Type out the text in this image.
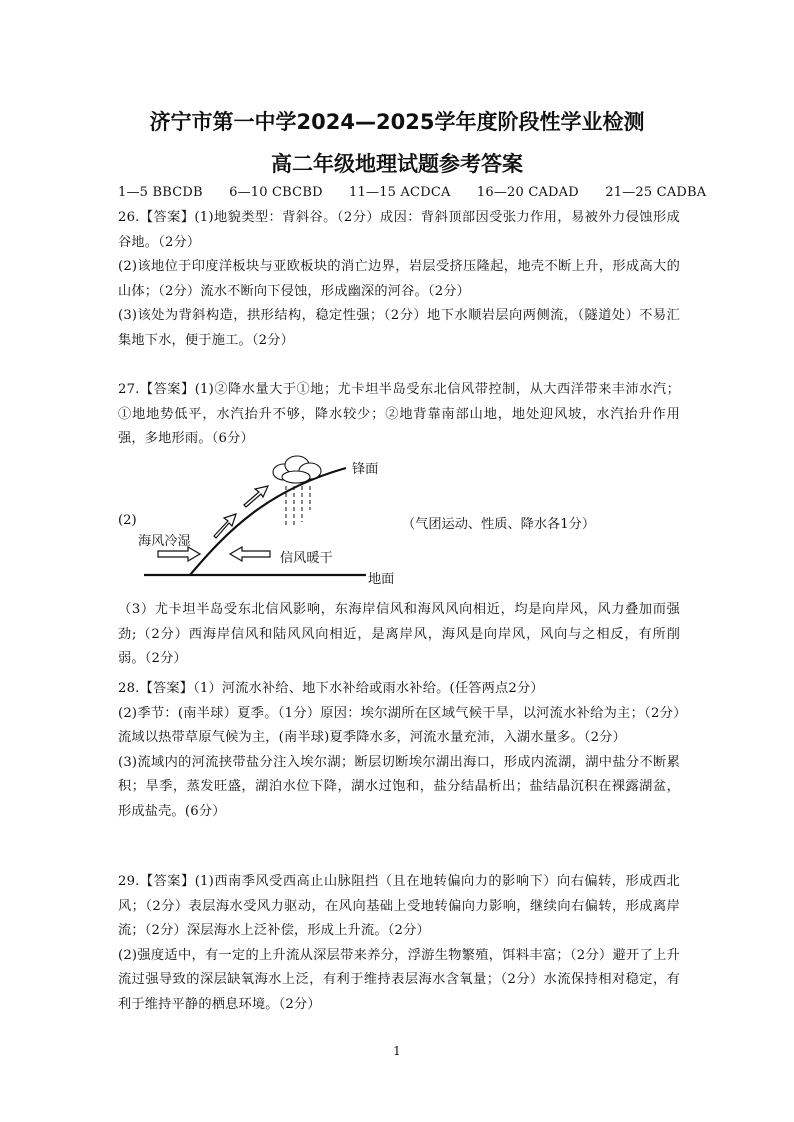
济宁市第一中学2024—2025学年度阶段性学业检测
高二年级地理试题参考答案
1—5 BBCDB 6—10 CBCBD 11—15 ACDCA 16—20 CADAD 21—25 CADBA

26.【答案】(1)地貌类型：背斜谷。（2分）成因：背斜顶部因受张力作用，易被外力侵蚀形成谷地。（2分）

(2)该地位于印度洋板块与亚欧板块的消亡边界，岩层受挤压隆起，地壳不断上升，形成高大的山体；（2分）流水不断向下侵蚀，形成幽深的河谷。（2分）

(3)该处为背斜构造，拱形结构，稳定性强；（2分）地下水顺岩层向两侧流，（隧道处）不易汇集地下水，便于施工。（2分）

27.【答案】(1)②降水量大于①地；尤卡坦半岛受东北信风带控制，从大西洋带来丰沛水汽；①地地势低平，水汽抬升不够，降水较少；②地背靠南部山地，地处迎风坡，水汽抬升作用强，多地形雨。（6分）

(2)
锋面
海风冷湿
信风暖干
地面
（气团运动、性质、降水各1分）

（3）尤卡坦半岛受东北信风影响，东海岸信风和海风风向相近，均是向岸风，风力叠加而强劲;（2分）西海岸信风和陆风风向相近，是离岸风，海风是向岸风，风向与之相反，有所削弱。（2分）

28.【答案】（1）河流水补给、地下水补给或雨水补给。(任答两点2分）

(2)季节：(南半球）夏季。（1分）原因：埃尔湖所在区域气候干旱，以河流水补给为主；（2分）流域以热带草原气候为主，(南半球)夏季降水多，河流水量充沛，入湖水量多。（2分）

(3)流域内的河流挟带盐分注入埃尔湖；断层切断埃尔湖出海口，形成内流湖，湖中盐分不断累积；旱季，蒸发旺盛，湖泊水位下降，湖水过饱和，盐分结晶析出；盐结晶沉积在裸露湖盆，形成盐壳。(6分）

29.【答案】(1)西南季风受西高止山脉阻挡（且在地转偏向力的影响下）向右偏转，形成西北风；（2分）表层海水受风力驱动，在风向基础上受地转偏向力影响，继续向右偏转，形成离岸流；（2分）深层海水上泛补偿，形成上升流。（2分）

(2)强度适中，有一定的上升流从深层带来养分，浮游生物繁殖，饵料丰富；（2分）避开了上升流过强导致的深层缺氧海水上泛，有利于维持表层海水含氧量；（2分）水流保持相对稳定，有利于维持平静的栖息环境。（2分）

1
